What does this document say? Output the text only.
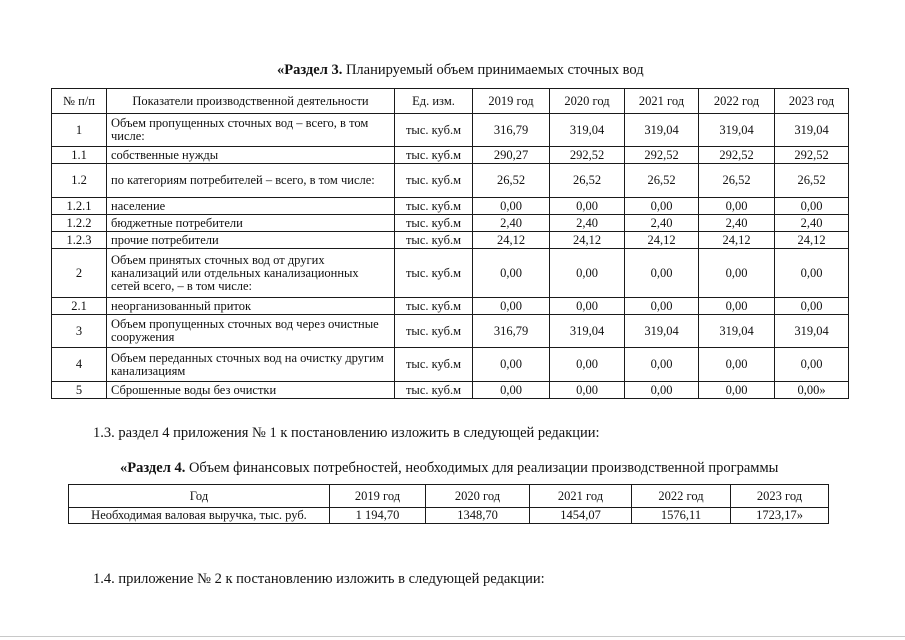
«Раздел 3. Планируемый объем принимаемых сточных вод
№ п/п	Показатели производственной деятельности	Ед. изм.	2019 год	2020 год	2021 год	2022 год	2023 год
1	Объем пропущенных сточных вод – всего, в том числе:	тыс. куб.м	316,79	319,04	319,04	319,04	319,04
1.1	собственные нужды	тыс. куб.м	290,27	292,52	292,52	292,52	292,52
1.2	по категориям потребителей – всего, в том числе:	тыс. куб.м	26,52	26,52	26,52	26,52	26,52
1.2.1	население	тыс. куб.м	0,00	0,00	0,00	0,00	0,00
1.2.2	бюджетные потребители	тыс. куб.м	2,40	2,40	2,40	2,40	2,40
1.2.3	прочие потребители	тыс. куб.м	24,12	24,12	24,12	24,12	24,12
2	Объем принятых сточных вод от других канализаций или отдельных канализационных сетей всего, – в том числе:	тыс. куб.м	0,00	0,00	0,00	0,00	0,00
2.1	неорганизованный приток	тыс. куб.м	0,00	0,00	0,00	0,00	0,00
3	Объем пропущенных сточных вод через очистные сооружения	тыс. куб.м	316,79	319,04	319,04	319,04	319,04
4	Объем переданных сточных вод на очистку другим канализациям	тыс. куб.м	0,00	0,00	0,00	0,00	0,00
5	Сброшенные воды без очистки	тыс. куб.м	0,00	0,00	0,00	0,00	0,00»
1.3. раздел 4 приложения № 1 к постановлению изложить в следующей редакции:
«Раздел 4. Объем финансовых потребностей, необходимых для реализации производственной программы
Год	2019 год	2020 год	2021 год	2022 год	2023 год
Необходимая валовая выручка, тыс. руб.	1 194,70	1348,70	1454,07	1576,11	1723,17»
1.4. приложение № 2 к постановлению изложить в следующей редакции:
